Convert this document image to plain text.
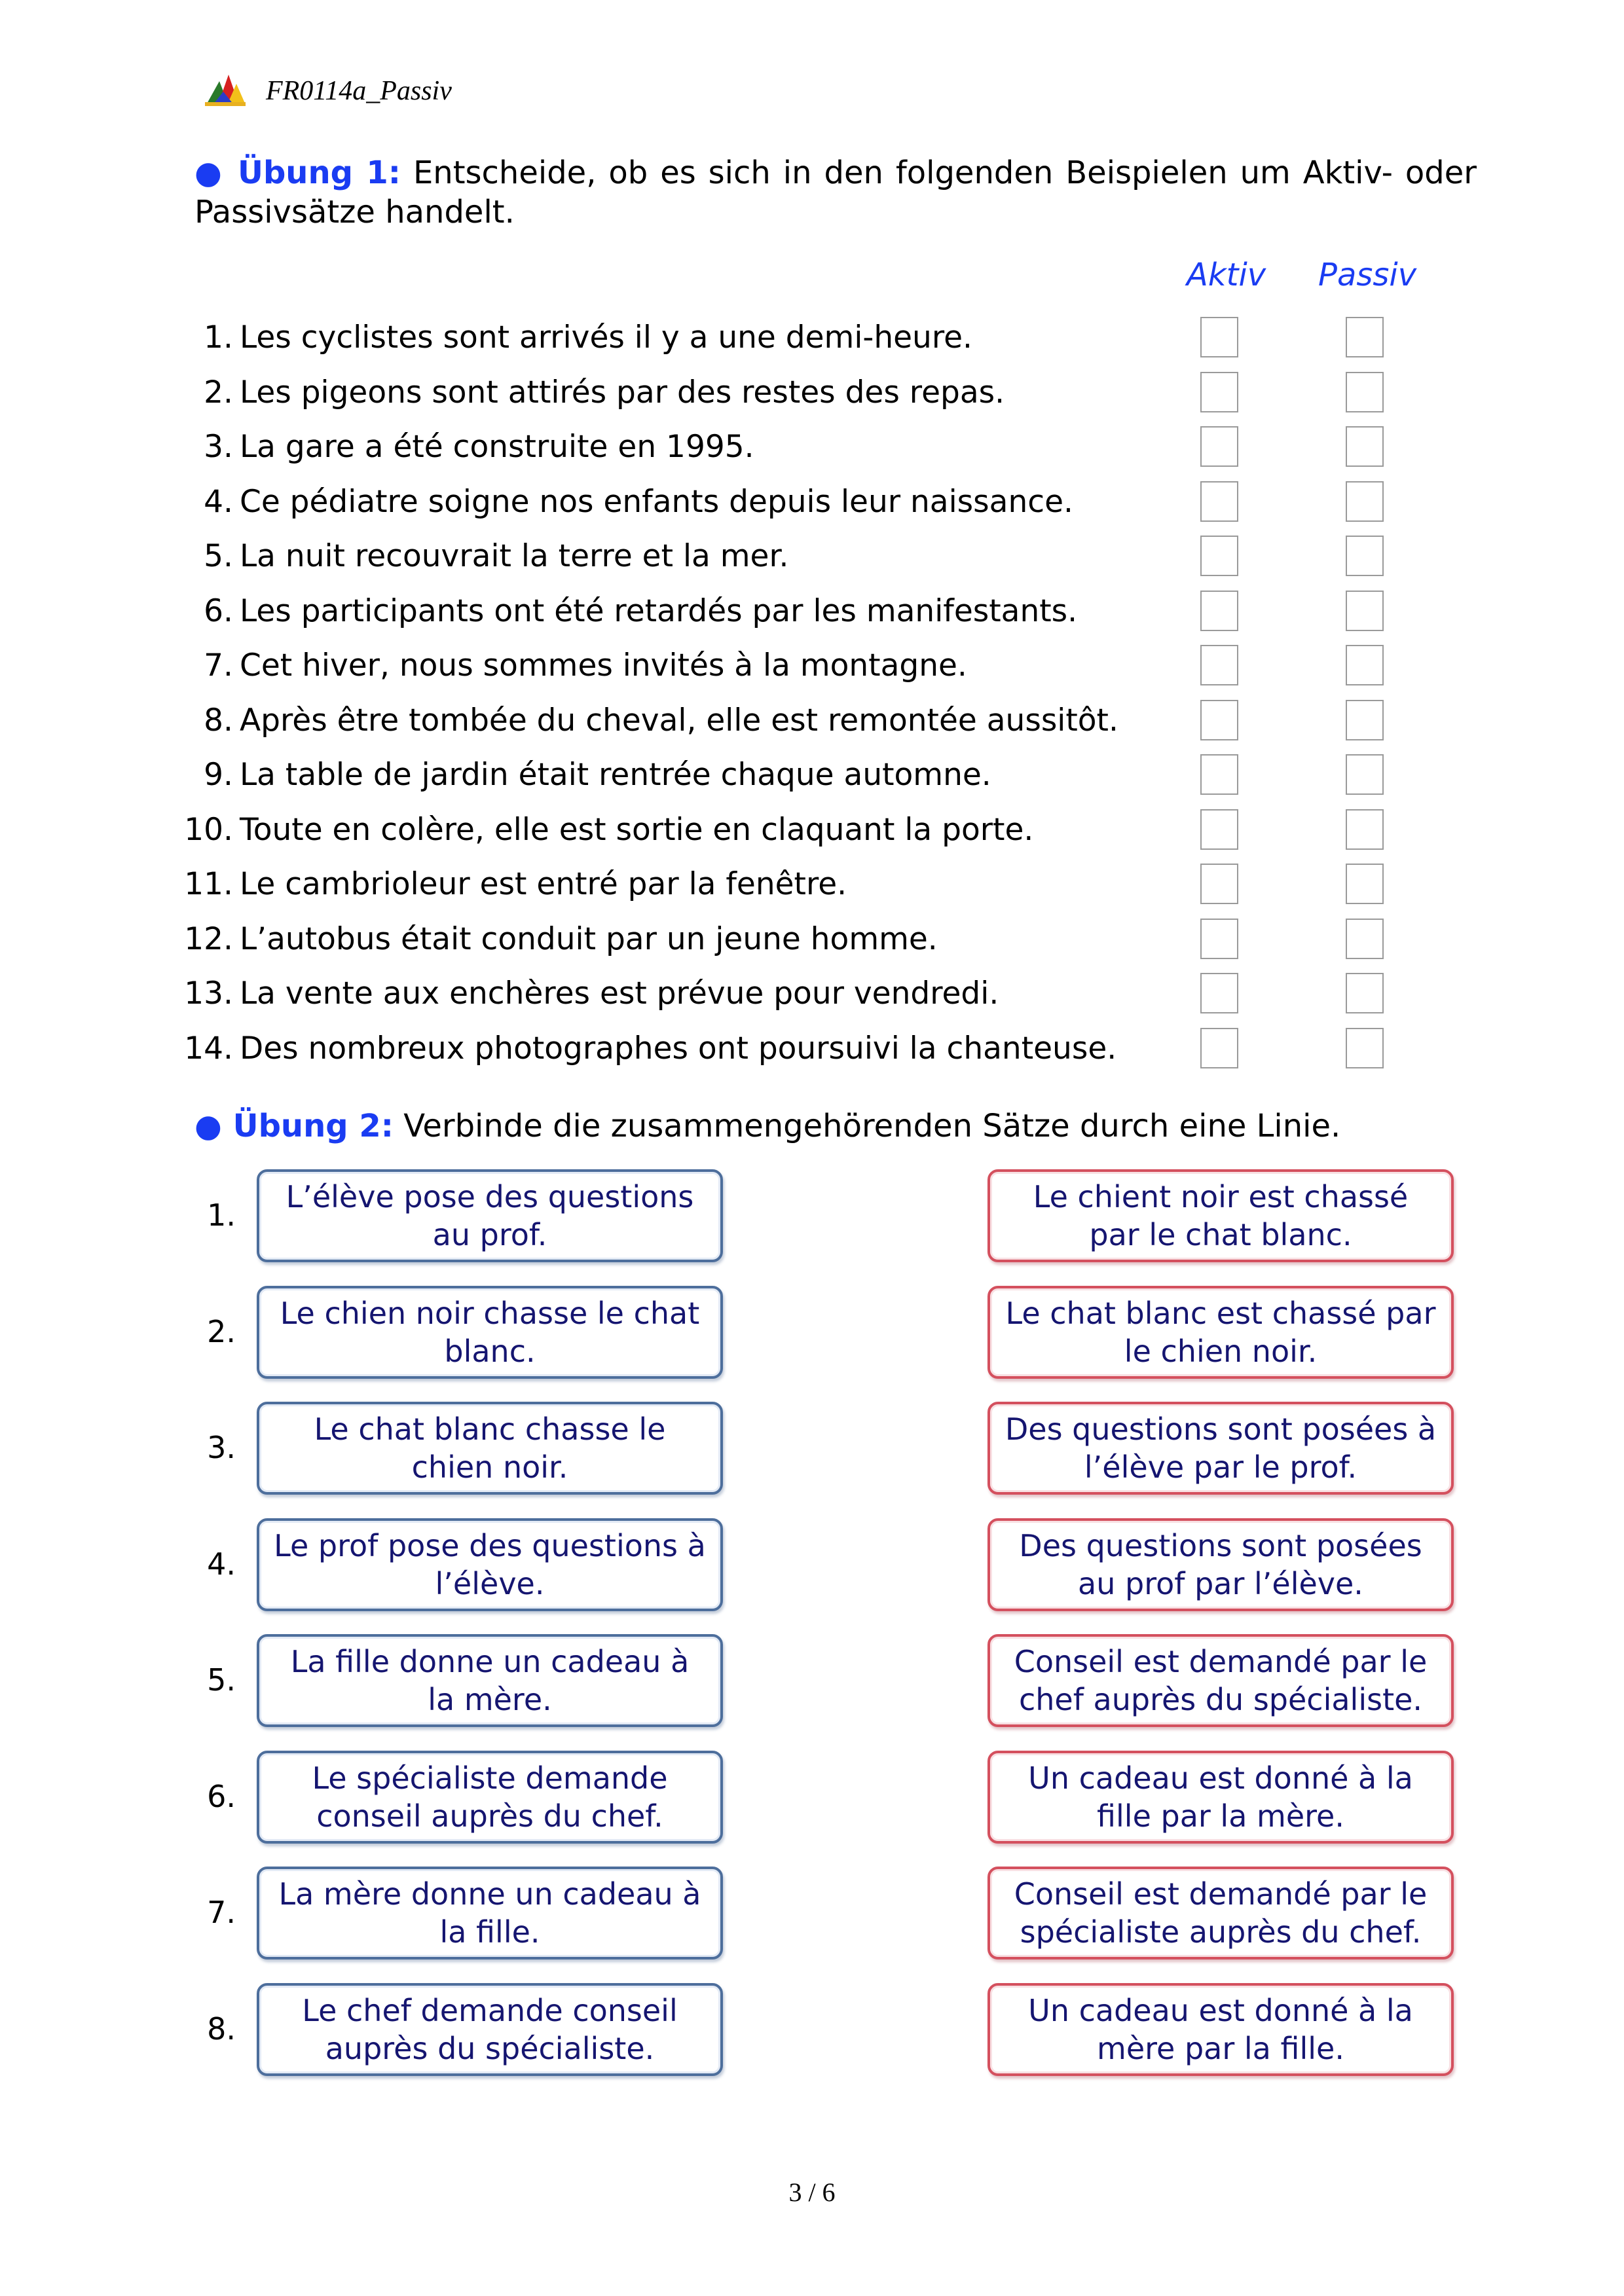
FR0114a_Passiv
● Übung 1: Entscheide, ob es sich in den folgenden Beispielen um Aktiv- oder Passivsätze handelt.
Aktiv Passiv
1. Les cyclistes sont arrivés il y a une demi-heure.
2. Les pigeons sont attirés par des restes des repas.
3. La gare a été construite en 1995.
4. Ce pédiatre soigne nos enfants depuis leur naissance.
5. La nuit recouvrait la terre et la mer.
6. Les participants ont été retardés par les manifestants.
7. Cet hiver, nous sommes invités à la montagne.
8. Après être tombée du cheval, elle est remontée aussitôt.
9. La table de jardin était rentrée chaque automne.
10. Toute en colère, elle est sortie en claquant la porte.
11. Le cambrioleur est entré par la fenêtre.
12. L’autobus était conduit par un jeune homme.
13. La vente aux enchères est prévue pour vendredi.
14. Des nombreux photographes ont poursuivi la chanteuse.
● Übung 2: Verbinde die zusammengehörenden Sätze durch eine Linie.
1.
L’élève pose des questions au prof.
Le chient noir est chassé par le chat blanc.
2.
Le chien noir chasse le chat blanc.
Le chat blanc est chassé par le chien noir.
3.
Le chat blanc chasse le chien noir.
Des questions sont posées à l’élève par le prof.
4.
Le prof pose des questions à l’élève.
Des questions sont posées au prof par l’élève.
5.
La fille donne un cadeau à la mère.
Conseil est demandé par le chef auprès du spécialiste.
6.
Le spécialiste demande conseil auprès du chef.
Un cadeau est donné à la fille par la mère.
7.
La mère donne un cadeau à la fille.
Conseil est demandé par le spécialiste auprès du chef.
8.
Le chef demande conseil auprès du spécialiste.
Un cadeau est donné à la mère par la fille.
3 / 6
